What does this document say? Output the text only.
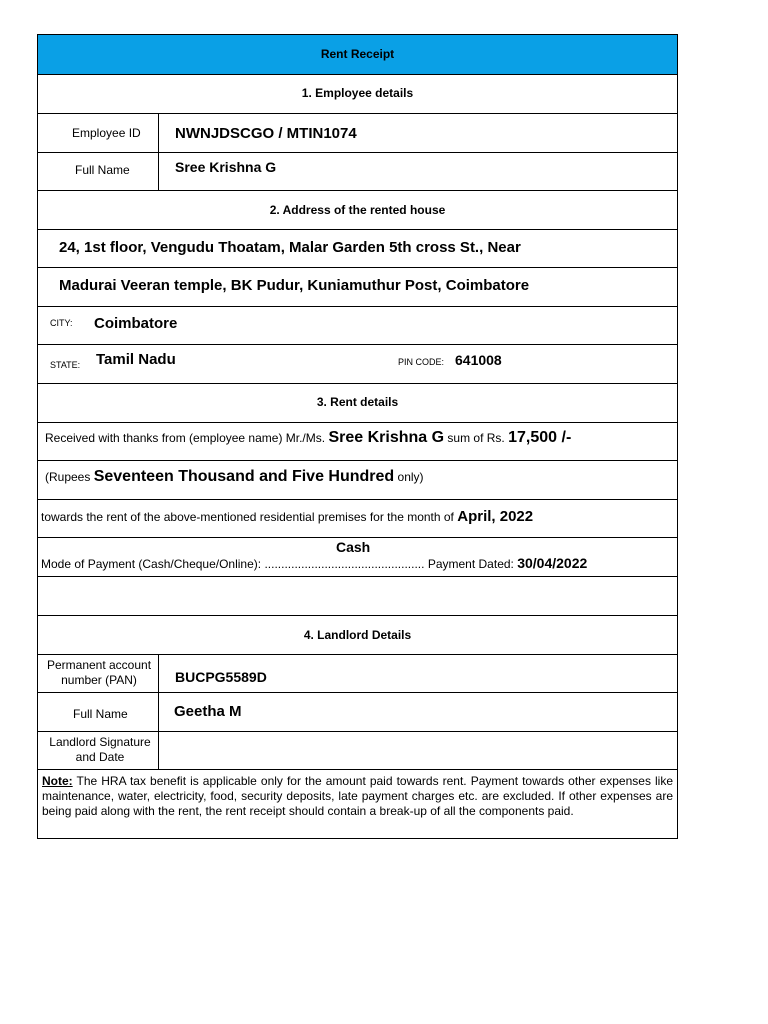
Rent Receipt
1. Employee details
Employee ID NWNJDSCGO / MTIN1074
Full Name	Sree Krishna G
2. Address of the rented house
24, 1st floor, Vengudu Thoatam, Malar Garden 5th cross St., Near
Madurai Veeran temple, BK Pudur, Kuniamuthur Post, Coimbatore
CITY: Coimbatore
STATE: Tamil Nadu	PIN CODE: 641008
3. Rent details
Received with thanks from (employee name) Mr./Ms. Sree Krishna G sum of Rs. 17,500 /-
(Rupees Seventeen Thousand and Five Hundred only)
towards the rent of the above-mentioned residential premises for the month of April, 2022
Cash
Mode of Payment (Cash/Cheque/Online): ................................................ Payment Dated: 30/04/2022
4. Landlord Details
Permanent account
number (PAN)	BUCPG5589D
Full Name	Geetha M
Landlord Signature
and Date
Note: The HRA tax benefit is applicable only for the amount paid towards rent. Payment towards other expenses like maintenance, water, electricity, food, security deposits, late payment charges etc. are excluded. If other expenses are being paid along with the rent, the rent receipt should contain a break-up of all the components paid.
